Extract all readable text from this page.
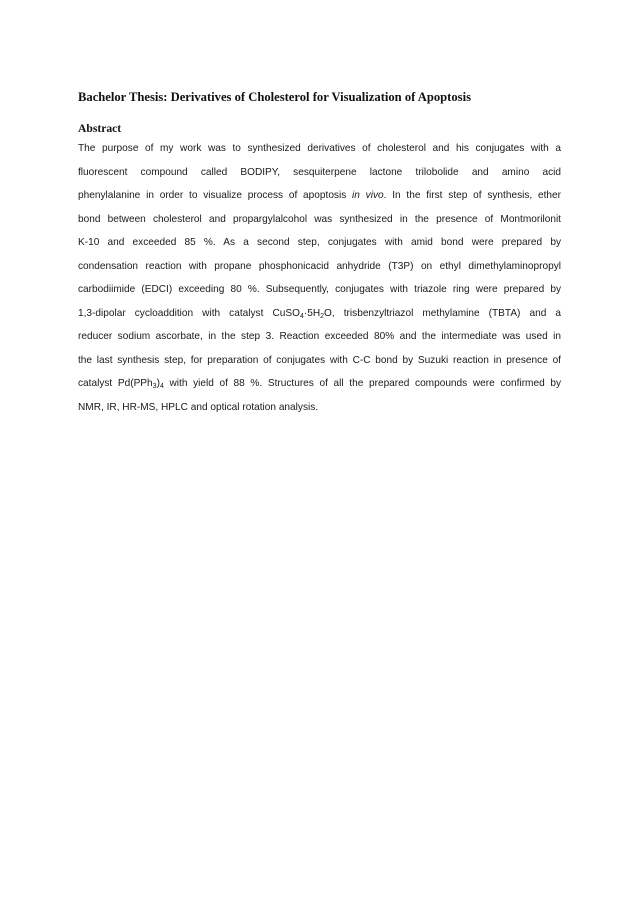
Bachelor Thesis: Derivatives of Cholesterol for Visualization of Apoptosis
Abstract
The purpose of my work was to synthesized derivatives of cholesterol and his conjugates with a
fluorescent compound called BODIPY, sesquiterpene lactone trilobolide and amino acid
phenylalanine in order to visualize process of apoptosis in vivo. In the first step of synthesis, ether
bond between cholesterol and propargylalcohol was synthesized in the presence of Montmorilonit
K-10 and exceeded 85 %. As a second step, conjugates with amid bond were prepared by
condensation reaction with propane phosphonicacid anhydride (T3P) on ethyl dimethylaminopropyl
carbodiimide (EDCI) exceeding 80 %. Subsequently, conjugates with triazole ring were prepared by
1,3-dipolar cycloaddition with catalyst $CuSO_4\cdot 5H_2O$, trisbenzyltriazol methylamine (TBTA) and a
reducer sodium ascorbate, in the step 3. Reaction exceeded 80% and the intermediate was used in
the last synthesis step, for preparation of conjugates with C-C bond by Suzuki reaction in presence of
catalyst $Pd(PPh_3)_4$ with yield of 88 %. Structures of all the prepared compounds were confirmed by
NMR, IR, HR-MS, HPLC and optical rotation analysis.
